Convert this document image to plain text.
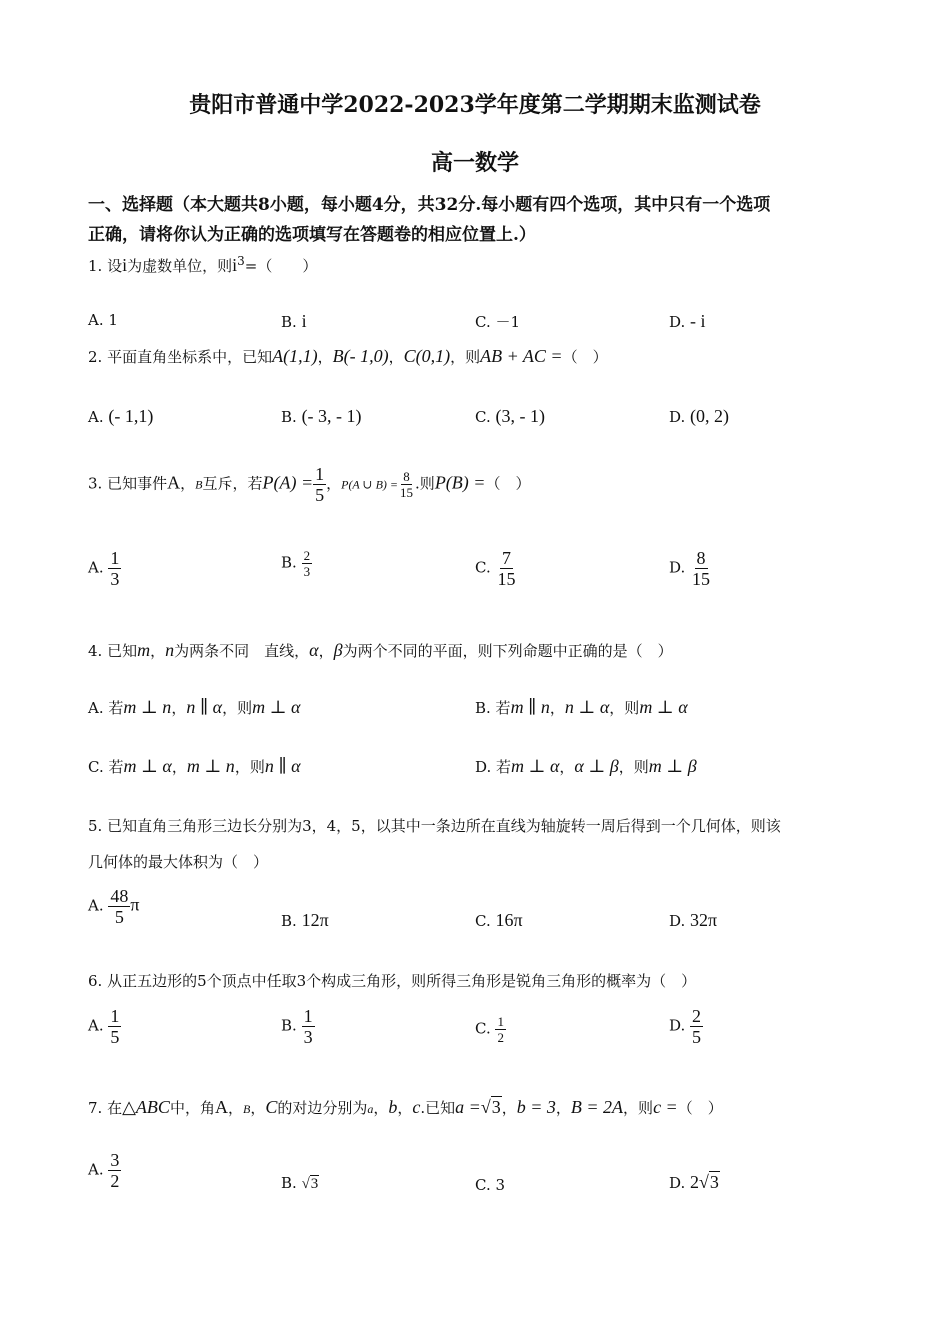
贵阳市普通中学2022-2023学年度第二学期期末监测试卷
高一数学
一、选择题（本大题共8小题，每小题4分，共32分.每小题有四个选项，其中只有一个选项
正确，请将你认为正确的选项填写在答题卷的相应位置上.）
1. 设i为虚数单位，则$i^3=$（　　）
A. 1	B. i	C. －1	D. - i
2. 平面直角坐标系中，已知A(1,1)，B(- 1,0)，C(0,1)，则AB + AC =（　）
A. (- 1,1)	B. (- 3, - 1)	C. (3, - 1)	D. (0, 2)
3. 已知事件A，B互斥，若$P(A) = \frac{1}{5}$ ，P(A ∪ $B) = \frac{8}{15}$ .则P(B) =（　）
A. $\frac{1}{3}$	B. $\frac{2}{3}$	C. $\frac{7}{15}$	D. $\frac{8}{15}$
4. 已知m，n为两条不同　直线，α，β为两个不同的平面，则下列命题中正确的是（　）
A. 若m ⊥ n，n ∥ α，则m ⊥ α	B. 若m ∥ n，n ⊥ α，则m ⊥ α
C. 若m ⊥ α，m ⊥ n，则n ∥ α	D. 若m ⊥ α，α ⊥ β，则m ⊥ β
5. 已知直角三角形三边长分别为3，4，5，以其中一条边所在直线为轴旋转一周后得到一个几何体，则该
几何体的最大体积为（　）
A. $\frac{48}{5}$ π
B. 12π	C. 16π	D. 32π
6. 从正五边形的5个顶点中任取3个构成三角形，则所得三角形是锐角三角形的概率为（　）
A. $\frac{1}{5}$	B. $\frac{1}{3}$	C. $\frac{1}{2}$	D. $\frac{2}{5}$
7. 在△ABC中，角A，B，C的对边分别为a，b，c.已知a =√3，b = 3，B = 2A，则c =（　）
A. $\frac{3}{2}$	B. √3	C. 3	D. 2√3
